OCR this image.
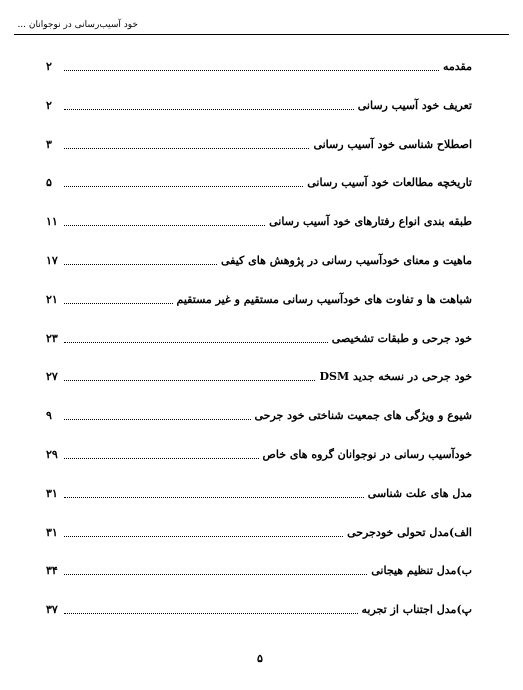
خود آسیب‌رسانی در نوجوانان ...
مقدمه
۲
تعریف خود آسیب رسانی
۲
اصطلاح شناسی خود آسیب رسانی
۳
تاریخچه مطالعات خود آسیب رسانی
۵
طبقه بندی انواع رفتارهای خود آسیب رسانی
۱۱
ماهیت و معنای خودآسیب رسانی در پژوهش های کیفی
۱۷
شباهت ها و تفاوت های خودآسیب رسانی مستقیم و غیر مستقیم
۲۱
خود جرحی و طبقات تشخیصی
۲۳
خود جرحی در نسخه جدید DSM
۲۷
شیوع و ویژگی های جمعیت شناختی خود جرحی
۹
خودآسیب رسانی در نوجوانان گروه های خاص
۲۹
مدل های علت شناسی
۳۱
الف)مدل تحولی خودجرحی
۳۱
ب)مدل تنظیم هیجانی
۳۴
پ)مدل اجتناب از تجربه
۳۷
۵
